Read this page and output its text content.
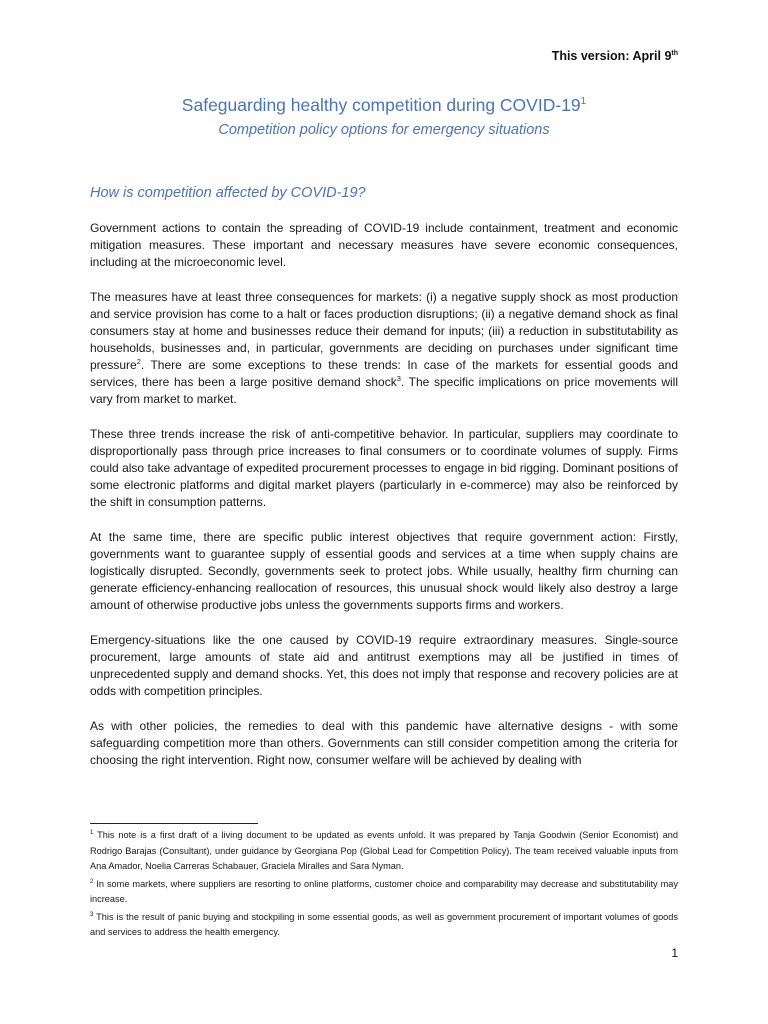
This version: April 9th
Safeguarding healthy competition during COVID-$19^1$
Competition policy options for emergency situations
How is competition affected by COVID-19?

Government actions to contain the spreading of COVID-19 include containment, treatment and economic mitigation measures. These important and necessary measures have severe economic consequences, including at the microeconomic level.

The measures have at least three consequences for markets: (i) a negative supply shock as most production and service provision has come to a halt or faces production disruptions; (ii) a negative demand shock as final consumers stay at home and businesses reduce their demand for inputs; (iii) a reduction in substitutability as households, businesses and, in particular, governments are deciding on purchases under significant time pressure$^2$. There are some exceptions to these trends: In case of the markets for essential goods and services, there has been a large positive demand shock$^3$. The specific implications on price movements will vary from market to market.

These three trends increase the risk of anti-competitive behavior. In particular, suppliers may coordinate to disproportionally pass through price increases to final consumers or to coordinate volumes of supply. Firms could also take advantage of expedited procurement processes to engage in bid rigging. Dominant positions of some electronic platforms and digital market players (particularly in e-commerce) may also be reinforced by the shift in consumption patterns.

At the same time, there are specific public interest objectives that require government action: Firstly, governments want to guarantee supply of essential goods and services at a time when supply chains are logistically disrupted. Secondly, governments seek to protect jobs. While usually, healthy firm churning can generate efficiency-enhancing reallocation of resources, this unusual shock would likely also destroy a large amount of otherwise productive jobs unless the governments supports firms and workers.

Emergency-situations like the one caused by COVID-19 require extraordinary measures. Single-source procurement, large amounts of state aid and antitrust exemptions may all be justified in times of unprecedented supply and demand shocks. Yet, this does not imply that response and recovery policies are at odds with competition principles.

As with other policies, the remedies to deal with this pandemic have alternative designs - with some safeguarding competition more than others. Governments can still consider competition among the criteria for choosing the right intervention. Right now, consumer welfare will be achieved by dealing with

$^1$ This note is a first draft of a living document to be updated as events unfold. It was prepared by Tanja Goodwin (Senior Economist) and Rodrigo Barajas (Consultant), under guidance by Georgiana Pop (Global Lead for Competition Policy). The team received valuable inputs from Ana Amador, Noelia Carreras Schabauer, Graciela Miralles and Sara Nyman.

$^2$ In some markets, where suppliers are resorting to online platforms, customer choice and comparability may decrease and substitutability may increase.

$^3$ This is the result of panic buying and stockpiling in some essential goods, as well as government procurement of important volumes of goods and services to address the health emergency.

1
